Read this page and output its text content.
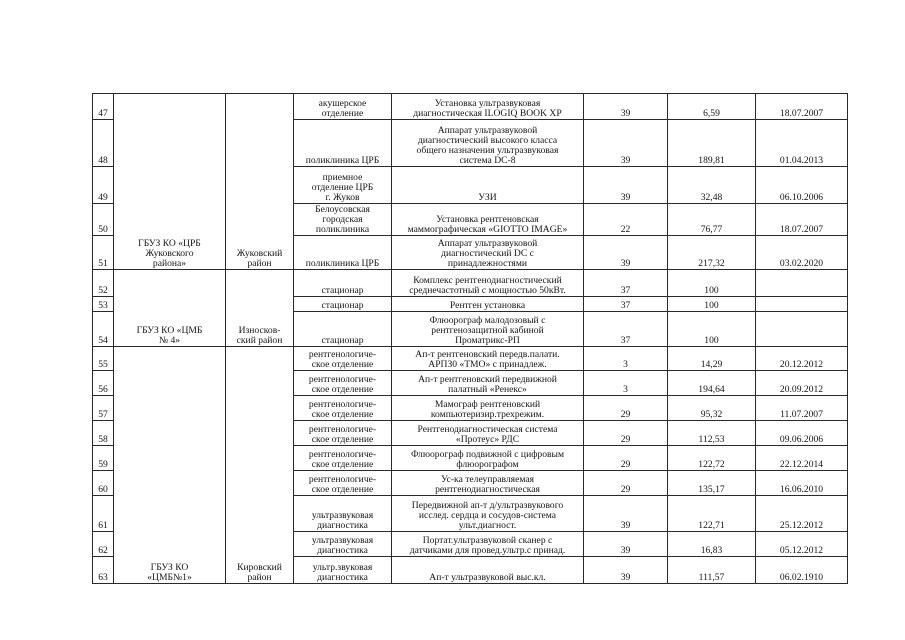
47	ГБУЗ КО «ЦРБ
Жуковского
района»	Жуковский
район	акушерское
отделение	Установка ультразвуковая
диагностическая ILOGIQ BOOK XP	39	6,59	18.07.2007
48			поликлиника ЦРБ	Аппарат ультразвуковой
диагностический высокого класса
общего назначения ультразвуковая
система DC-8	39	189,81	01.04.2013
49			приемное
отделение ЦРБ
г. Жуков	УЗИ	39	32,48	06.10.2006
50			Белоусовская
городская
поликлиника	Установка рентгеновская
маммографическая «GIOTTO IMAGE»	22	76,77	18.07.2007
51			поликлиника ЦРБ	Аппарат ультразвуковой
диагностический DC с
принадлежностями	39	217,32	03.02.2020
52	ГБУЗ КО «ЦМБ
№ 4»	Износков-
ский район	стационар	Комплекс рентгенодиагностический
среднечастотный с мощностью 50кВт.	37	100	
53			стационар	Рентген установка	37	100	
54			стационар	Флюорограф малодозовый с
рентгенозащитной кабиной
Проматрикс-РП	37	100	
55	ГБУЗ КО
«ЦМБ№1»	Кировский
район	рентгенологиче-
ское отделение	Ап-т рентгеновский передв.палати.
АРПЗ0 «ТМО» с принадлеж.	3	14,29	20.12.2012
56			рентгенологиче-
ское отделение	Ап-т рентгеновский передвижной
палатный «Ренекс»	3	194,64	20.09.2012
57			рентгенологиче-
ское отделение	Мамограф рентгеновский
компьютеризир.трехрежим.	29	95,32	11.07.2007
58			рентгенологиче-
ское отделение	Рентгенодиагностическая система
«Протеус» РДС	29	112,53	09.06.2006
59			рентгенологиче-
ское отделение	Флюорограф подвижной с цифровым
флюорографом	29	122,72	22.12.2014
60			рентгенологиче-
ское отделение	Ус-ка телеуправляемая
рентгенодиагностическая	29	135,17	16.06.2010
61			ультразвуковая
диагностика	Передвижной ап-т д/ультразвукового
исслед. сердца и сосудов-система
ульт.диагност.	39	122,71	25.12.2012
62			ультразвуковая
диагностика	Портат.ультразвуковой сканер с
датчиками для провед.ультр.с принад.	39	16,83	05.12.2012
63			ультр.звуковая
диагностика	Ап-т ультразвуковой выс.кл.	39	111,57	06.02.1910
